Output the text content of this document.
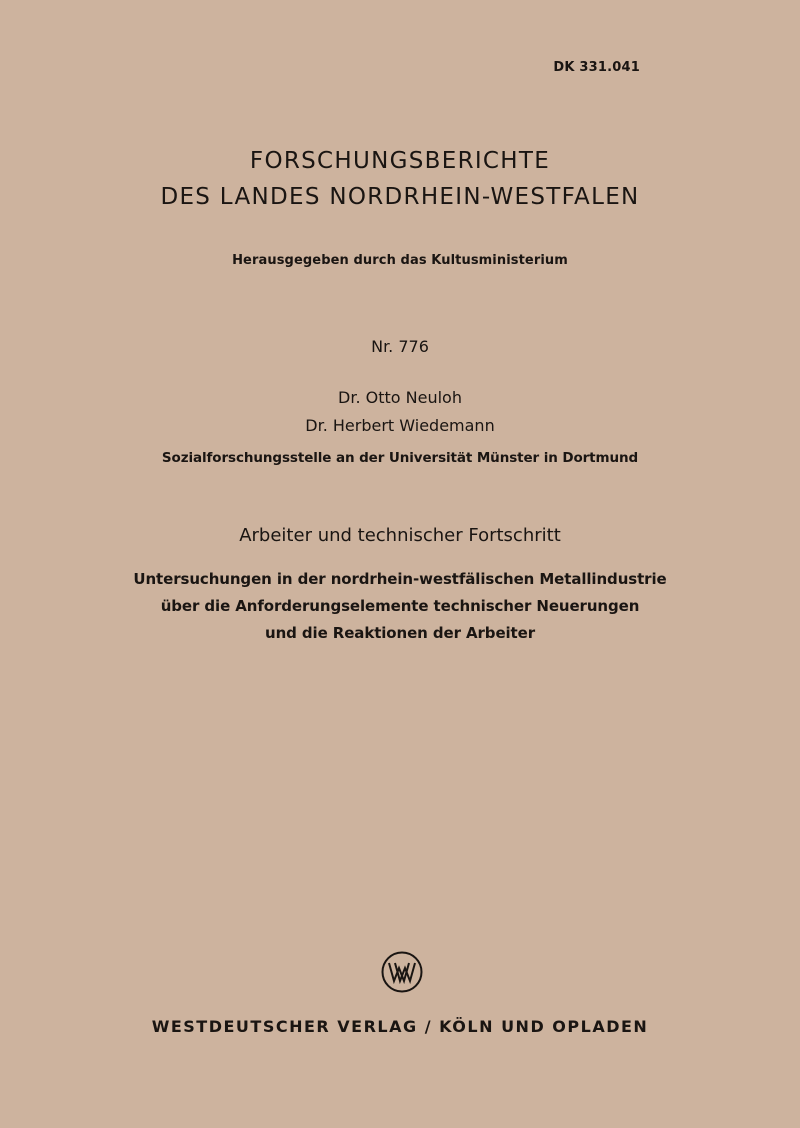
DK 331.041
FORSCHUNGSBERICHTE
DES LANDES NORDRHEIN-WESTFALEN
Herausgegeben durch das Kultusministerium
Nr. 776
Dr. Otto Neuloh
Dr. Herbert Wiedemann
Sozialforschungsstelle an der Universität Münster in Dortmund
Arbeiter und technischer Fortschritt
Untersuchungen in der nordrhein-westfälischen Metallindustrie
über die Anforderungselemente technischer Neuerungen
und die Reaktionen der Arbeiter
WESTDEUTSCHER VERLAG / KÖLN UND OPLADEN
